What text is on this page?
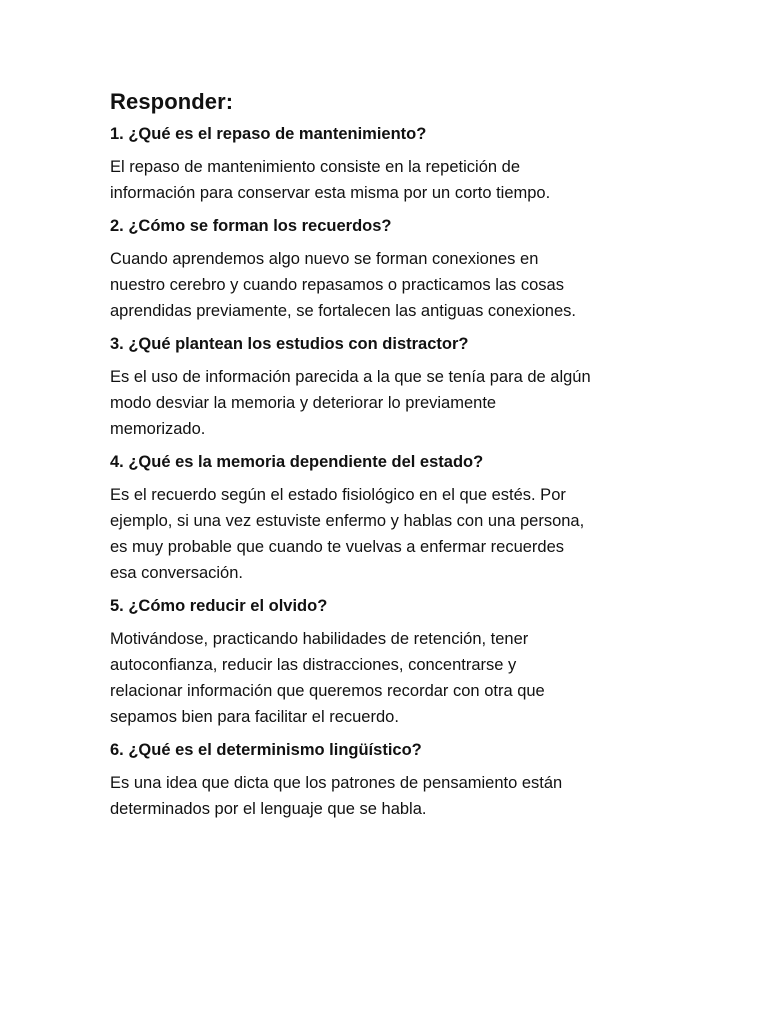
Responder:

1. ¿Qué es el repaso de mantenimiento?

El repaso de mantenimiento consiste en la repetición de
información para conservar esta misma por un corto tiempo.

2. ¿Cómo se forman los recuerdos?

Cuando aprendemos algo nuevo se forman conexiones en
nuestro cerebro y cuando repasamos o practicamos las cosas
aprendidas previamente, se fortalecen las antiguas conexiones.

3. ¿Qué plantean los estudios con distractor?

Es el uso de información parecida a la que se tenía para de algún
modo desviar la memoria y deteriorar lo previamente
memorizado.

4. ¿Qué es la memoria dependiente del estado?

Es el recuerdo según el estado fisiológico en el que estés. Por
ejemplo, si una vez estuviste enfermo y hablas con una persona,
es muy probable que cuando te vuelvas a enfermar recuerdes
esa conversación.

5. ¿Cómo reducir el olvido?

Motivándose, practicando habilidades de retención, tener
autoconfianza, reducir las distracciones, concentrarse y
relacionar información que queremos recordar con otra que
sepamos bien para facilitar el recuerdo.

6. ¿Qué es el determinismo lingüístico?

Es una idea que dicta que los patrones de pensamiento están
determinados por el lenguaje que se habla.
